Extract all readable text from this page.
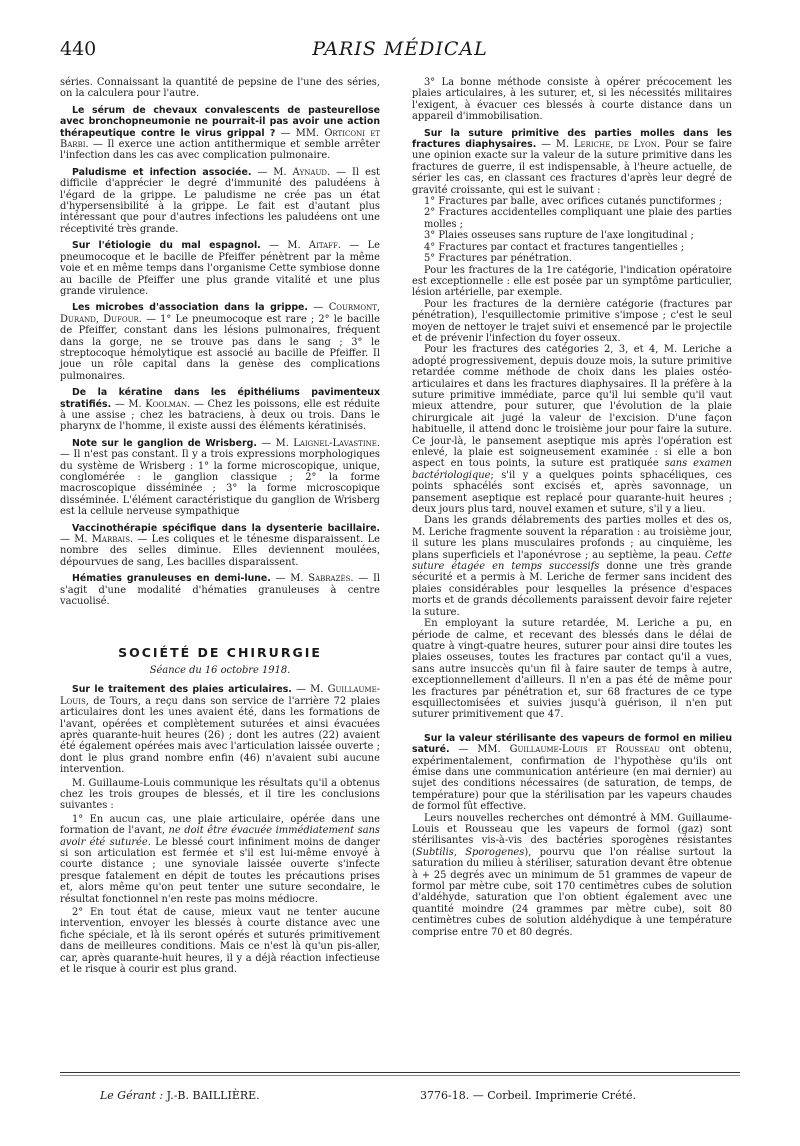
440	PARIS MÉDICAL

séries. Connaissant la quantité de pepsine de l'une des séries, on la calculera pour l'autre.

Le sérum de chevaux convalescents de pasteurellose avec bronchopneumonie ne pourrait-il pas avoir une action thérapeutique contre le virus grippal ? — MM. Orticoni et Barbi. — Il exerce une action antithermique et semble arrêter l'infection dans les cas avec complication pulmonaire.

Paludisme et infection associée. — M. Aynaud. — Il est difficile d'apprécier le degré d'immunité des paludéens à l'égard de la grippe. Le paludisme ne crée pas un état d'hypersensibilité à la grippe. Le fait est d'autant plus intéressant que pour d'autres infections les paludéens ont une réceptivité très grande.

Sur l'étiologie du mal espagnol. — M. Aitaff. — Le pneumocoque et le bacille de Pfeiffer pénètrent par la même voie et en même temps dans l'organisme Cette symbiose donne au bacille de Pfeiffer une plus grande vitalité et une plus grande virulence.

Les microbes d'association dans la grippe. — Courmont, Durand, Dufour. — 1° Le pneumocoque est rare ; 2° le bacille de Pfeiffer, constant dans les lésions pulmonaires, fréquent dans la gorge, ne se trouve pas dans le sang ; 3° le streptocoque hémolytique est associé au bacille de Pfeiffer. Il joue un rôle capital dans la genèse des complications pulmonaires.

De la kératine dans les épithéliums pavimenteux stratifiés. — M. Koolman. — Chez les poissons, elle est réduite à une assise ; chez les batraciens, à deux ou trois. Dans le pharynx de l'homme, il existe aussi des éléments kératinisés.

Note sur le ganglion de Wrisberg. — M. Laignel-Lavastine. — Il n'est pas constant. Il y a trois expressions morphologiques du système de Wrisberg : 1° la forme microscopique, unique, conglomérée : le ganglion classique ; 2° la forme macroscopique disséminée ; 3° la forme microscopique disséminée. L'élément caractéristique du ganglion de Wrisberg est la cellule nerveuse sympathique

Vaccinothérapie spécifique dans la dysenterie bacillaire. — M. Marbais. — Les coliques et le ténesme disparaissent. Le nombre des selles diminue. Elles deviennent moulées, dépourvues de sang, Les bacilles disparaissent.

Hématies granuleuses en demi-lune. — M. Sabrazès. — Il s'agit d'une modalité d'hématies granuleuses à centre vacuolisé.

SOCIÉTÉ DE CHIRURGIE
Séance du 16 octobre 1918.

Sur le traitement des plaies articulaires. — M. Guillaume-Louis, de Tours, a reçu dans son service de l'arrière 72 plaies articulaires dont les unes avaient été, dans les formations de l'avant, opérées et complètement suturées et ainsi évacuées après quarante-huit heures (26) ; dont les autres (22) avaient été également opérées mais avec l'articulation laissée ouverte ; dont le plus grand nombre enfin (46) n'avaient subi aucune intervention.

M. Guillaume-Louis communique les résultats qu'il a obtenus chez les trois groupes de blessés, et il tire les conclusions suivantes :

1° En aucun cas, une plaie articulaire, opérée dans une formation de l'avant, ne doit être évacuée immédiatement sans avoir été suturée. Le blessé court infiniment moins de danger si son articulation est fermée et s'il est lui-même envoyé à courte distance ; une synoviale laissée ouverte s'infecte presque fatalement en dépit de toutes les précautions prises et, alors même qu'on peut tenter une suture secondaire, le résultat fonctionnel n'en reste pas moins médiocre.

2° En tout état de cause, mieux vaut ne tenter aucune intervention, envoyer les blessés à courte distance avec une fiche spéciale, et là ils seront opérés et suturés primitivement dans de meilleures conditions. Mais ce n'est là qu'un pis-aller, car, après quarante-huit heures, il y a déjà réaction infectieuse et le risque à courir est plus grand.

3° La bonne méthode consiste à opérer précocement les plaies articulaires, à les suturer, et, si les nécessités militaires l'exigent, à évacuer ces blessés à courte distance dans un appareil d'immobilisation.

Sur la suture primitive des parties molles dans les fractures diaphysaires. — M. Leriche, de Lyon. Pour se faire une opinion exacte sur la valeur de la suture primitive dans les fractures de guerre, il est indispensable, à l'heure actuelle, de sérier les cas, en classant ces fractures d'après leur degré de gravité croissante, qui est le suivant :

1° Fractures par balle, avec orifices cutanés punctiformes ;
2° Fractures accidentelles compliquant une plaie des parties molles ;
3° Plaies osseuses sans rupture de l'axe longitudinal ;
4° Fractures par contact et fractures tangentielles ;
5° Fractures par pénétration.

Pour les fractures de la 1re catégorie, l'indication opératoire est exceptionnelle : elle est posée par un symptôme particulier, lésion artérielle, par exemple.

Pour les fractures de la dernière catégorie (fractures par pénétration), l'esquillectomie primitive s'impose ; c'est le seul moyen de nettoyer le trajet suivi et ensemencé par le projectile et de prévenir l'infection du foyer osseux.

Pour les fractures des catégories 2, 3, et 4, M. Leriche a adopté progressivement, depuis douze mois, la suture primitive retardée comme méthode de choix dans les plaies ostéo-articulaires et dans les fractures diaphysaires. Il la préfère à la suture primitive immédiate, parce qu'il lui semble qu'il vaut mieux attendre, pour suturer, que l'évolution de la plaie chirurgicale ait jugé la valeur de l'excision. D'une façon habituelle, il attend donc le troisième jour pour faire la suture. Ce jour-là, le pansement aseptique mis après l'opération est enlevé, la plaie est soigneusement examinée : si elle a bon aspect en tous points, la suture est pratiquée sans examen bactériologique; s'il y a quelques points sphacéliques, ces points sphacélés sont excisés et, après savonnage, un pansement aseptique est replacé pour quarante-huit heures ; deux jours plus tard, nouvel examen et suture, s'il y a lieu.

Dans les grands délabrements des parties molles et des os, M. Leriche fragmente souvent la réparation : au troisième jour, il suture les plans musculaires profonds ; au cinquième, les plans superficiels et l'aponévrose ; au septième, la peau. Cette suture étagée en temps successifs donne une très grande sécurité et a permis à M. Leriche de fermer sans incident des plaies considérables pour lesquelles la présence d'espaces morts et de grands décollements paraissent devoir faire rejeter la suture.

En employant la suture retardée, M. Leriche a pu, en période de calme, et recevant des blessés dans le délai de quatre à vingt-quatre heures, suturer pour ainsi dire toutes les plaies osseuses, toutes les fractures par contact qu'il a vues, sans autre insuccès qu'un fil à faire sauter de temps à autre, exceptionnellement d'ailleurs. Il n'en a pas été de même pour les fractures par pénétration et, sur 68 fractures de ce type esquillectomisées et suivies jusqu'à guérison, il n'en put suturer primitivement que 47.

Sur la valeur stérilisante des vapeurs de formol en milieu saturé. — MM. Guillaume-Louis et Rousseau ont obtenu, expérimentalement, confirmation de l'hypothèse qu'ils ont émise dans une communication antérieure (en mai dernier) au sujet des conditions nécessaires (de saturation, de temps, de température) pour que la stérilisation par les vapeurs chaudes de formol fût effective.

Leurs nouvelles recherches ont démontré à MM. Guillaume-Louis et Rousseau que les vapeurs de formol (gaz) sont stérilisantes vis-à-vis des bactéries sporogènes résistantes (Subtilis, Sporogenes), pourvu que l'on réalise surtout la saturation du milieu à stériliser, saturation devant être obtenue à + 25 degrés avec un minimum de 51 grammes de vapeur de formol par mètre cube, soit 170 centimètres cubes de solution d'aldéhyde, saturation que l'on obtient également avec une quantité moindre (24 grammes par mètre cube), soit 80 centimètres cubes de solution aldéhydique à une température comprise entre 70 et 80 degrés.

Le Gérant : J.-B. BAILLIÈRE.	3776-18. — Corbeil. Imprimerie Crété.
